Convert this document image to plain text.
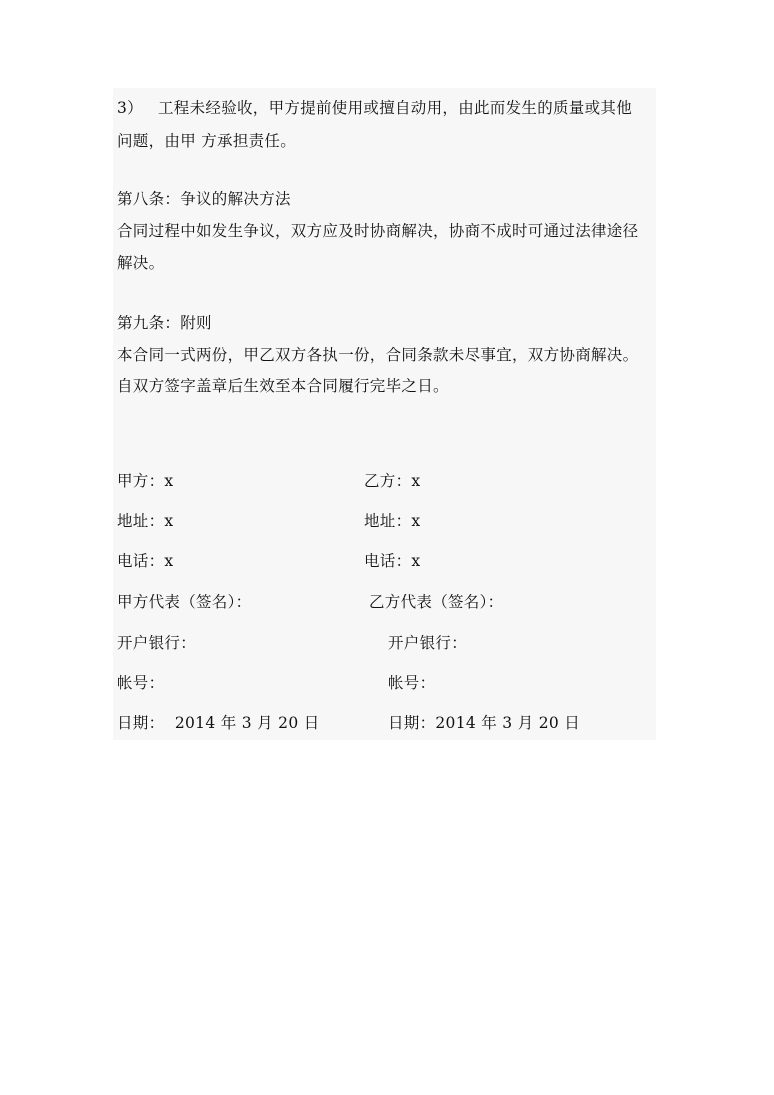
3） 工程未经验收，甲方提前使用或擅自动用，由此而发生的质量或其他
问题，由甲 方承担责任。
第八条：争议的解决方法
合同过程中如发生争议，双方应及时协商解决，协商不成时可通过法律途径
解决。
第九条：附则
本合同一式两份，甲乙双方各执一份，合同条款未尽事宜，双方协商解决。
自双方签字盖章后生效至本合同履行完毕之日。
甲方：x
地址：x
电话：x
甲方代表（签名）：
开户银行：
帐号：
日期：  2014 年 3 月 20 日
乙方：x
地址：x
电话：x
乙方代表（签名）：
开户银行：
帐号：
日期：2014 年 3 月 20 日
